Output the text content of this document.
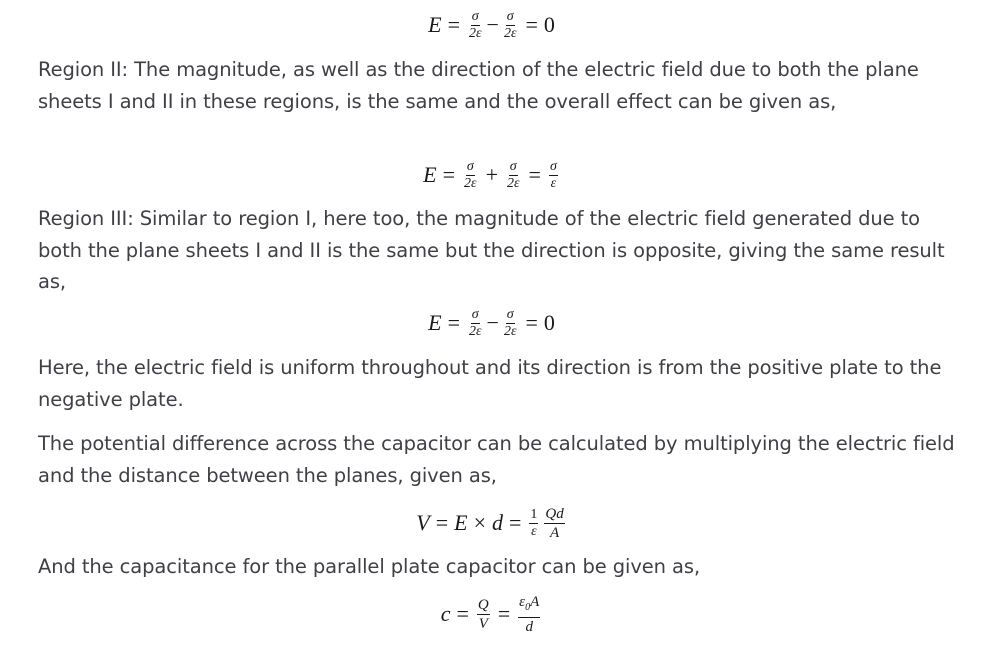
$E = \frac{\sigma}{2\varepsilon} - \frac{\sigma}{2\varepsilon} = 0$

Region II: The magnitude, as well as the direction of the electric field due to both the plane sheets I and II in these regions, is the same and the overall effect can be given as,

$E = \frac{\sigma}{2\varepsilon} + \frac{\sigma}{2\varepsilon} = \frac{\sigma}{\varepsilon}$

Region III: Similar to region I, here too, the magnitude of the electric field generated due to both the plane sheets I and II is the same but the direction is opposite, giving the same result as,

$E = \frac{\sigma}{2\varepsilon} - \frac{\sigma}{2\varepsilon} = 0$

Here, the electric field is uniform throughout and its direction is from the positive plate to the negative plate.

The potential difference across the capacitor can be calculated by multiplying the electric field and the distance between the planes, given as,

$V = E \times d = \frac{1}{\varepsilon} \frac{Qd}{A}$

And the capacitance for the parallel plate capacitor can be given as,

$c = \frac{Q}{V} = \frac{\varepsilon_0A}{d}$
